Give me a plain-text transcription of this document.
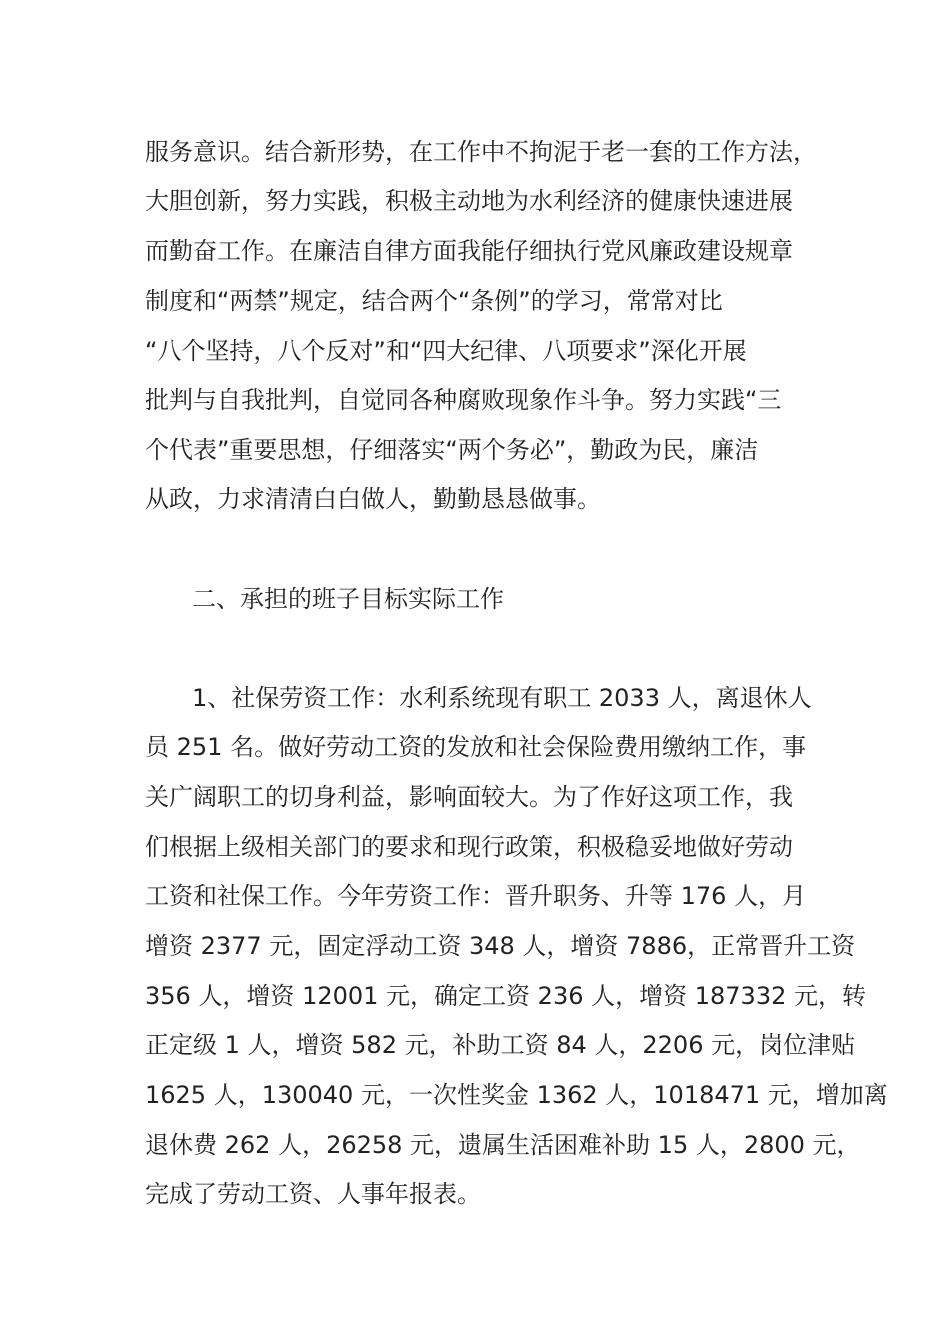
服务意识。结合新形势，在工作中不拘泥于老一套的工作方法，

大胆创新，努力实践，积极主动地为水利经济的健康快速进展

而勤奋工作。在廉洁自律方面我能仔细执行党风廉政建设规章

制度和“两禁”规定，结合两个“条例”的学习，常常对比

“八个坚持，八个反对”和“四大纪律、八项要求”深化开展

批判与自我批判，自觉同各种腐败现象作斗争。努力实践“三

个代表”重要思想，仔细落实“两个务必”，勤政为民，廉洁

从政，力求清清白白做人，勤勤恳恳做事。

二、承担的班子目标实际工作

1、社保劳资工作：水利系统现有职工 2033 人，离退休人

员 251 名。做好劳动工资的发放和社会保险费用缴纳工作，事

关广阔职工的切身利益，影响面较大。为了作好这项工作，我

们根据上级相关部门的要求和现行政策，积极稳妥地做好劳动

工资和社保工作。今年劳资工作：晋升职务、升等 176 人，月

增资 2377 元，固定浮动工资 348 人，增资 7886，正常晋升工资

356 人，增资 12001 元，确定工资 236 人，增资 187332 元，转

正定级 1 人，增资 582 元，补助工资 84 人，2206 元，岗位津贴

1625 人，130040 元，一次性奖金 1362 人，1018471 元，增加离

退休费 262 人，26258 元，遗属生活困难补助 15 人，2800 元，

完成了劳动工资、人事年报表。
